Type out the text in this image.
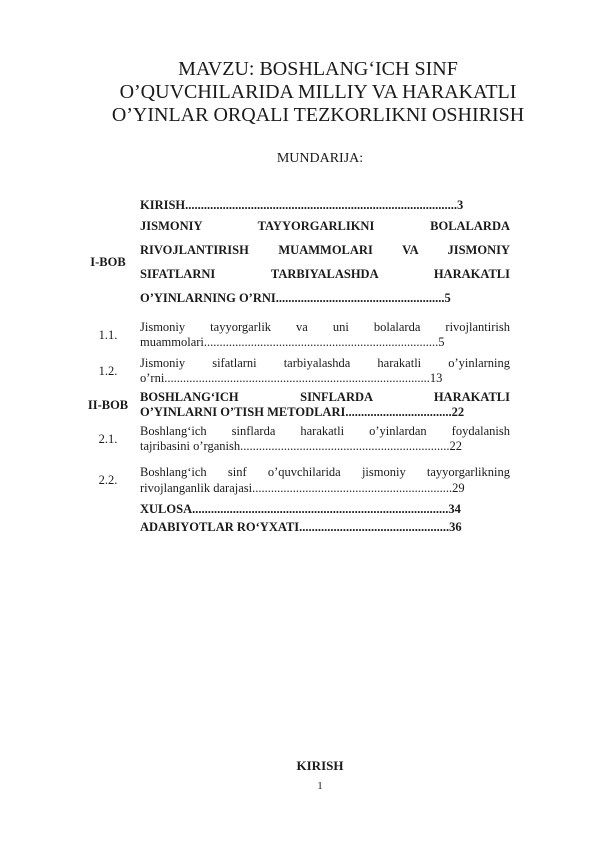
MAVZU: BOSHLANG‘ICH SINF
O’QUVCHILARIDA MILLIY VA HARAKATLI
O’YINLAR ORQALI TEZKORLIKNI OSHIRISH
MUNDARIJA:
KIRISH.......................................................................................3
I-BOB
JISMONIY TAYYORGARLIKNI BOLALARDA
RIVOJLANTIRISH MUAMMOLARI VA JISMONIY
SIFATLARNI TARBIYALASHDA HARAKATLI
O’YINLARNING O’RNI......................................................5
1.1.
Jismoniy tayyorgarlik va uni bolalarda rivojlantirish
muammolari...........................................................................5
1.2.
Jismoniy sifatlarni tarbiyalashda harakatli o’yinlarning
o’rni.....................................................................................13
II-BOB
BOSHLANG‘ICH SINFLARDA HARAKATLI
O’YINLARNI O’TISH METODLARI..................................22
2.1.
Boshlang‘ich sinflarda harakatli o’yinlardan foydalanish
tajribasini o’rganish...................................................................22
2.2.
Boshlang‘ich sinf o’quvchilarida jismoniy tayyorgarlikning
rivojlanganlik darajasi................................................................29
XULOSA..................................................................................34
ADABIYOTLAR RO‘YXATI................................................36
KIRISH
1
